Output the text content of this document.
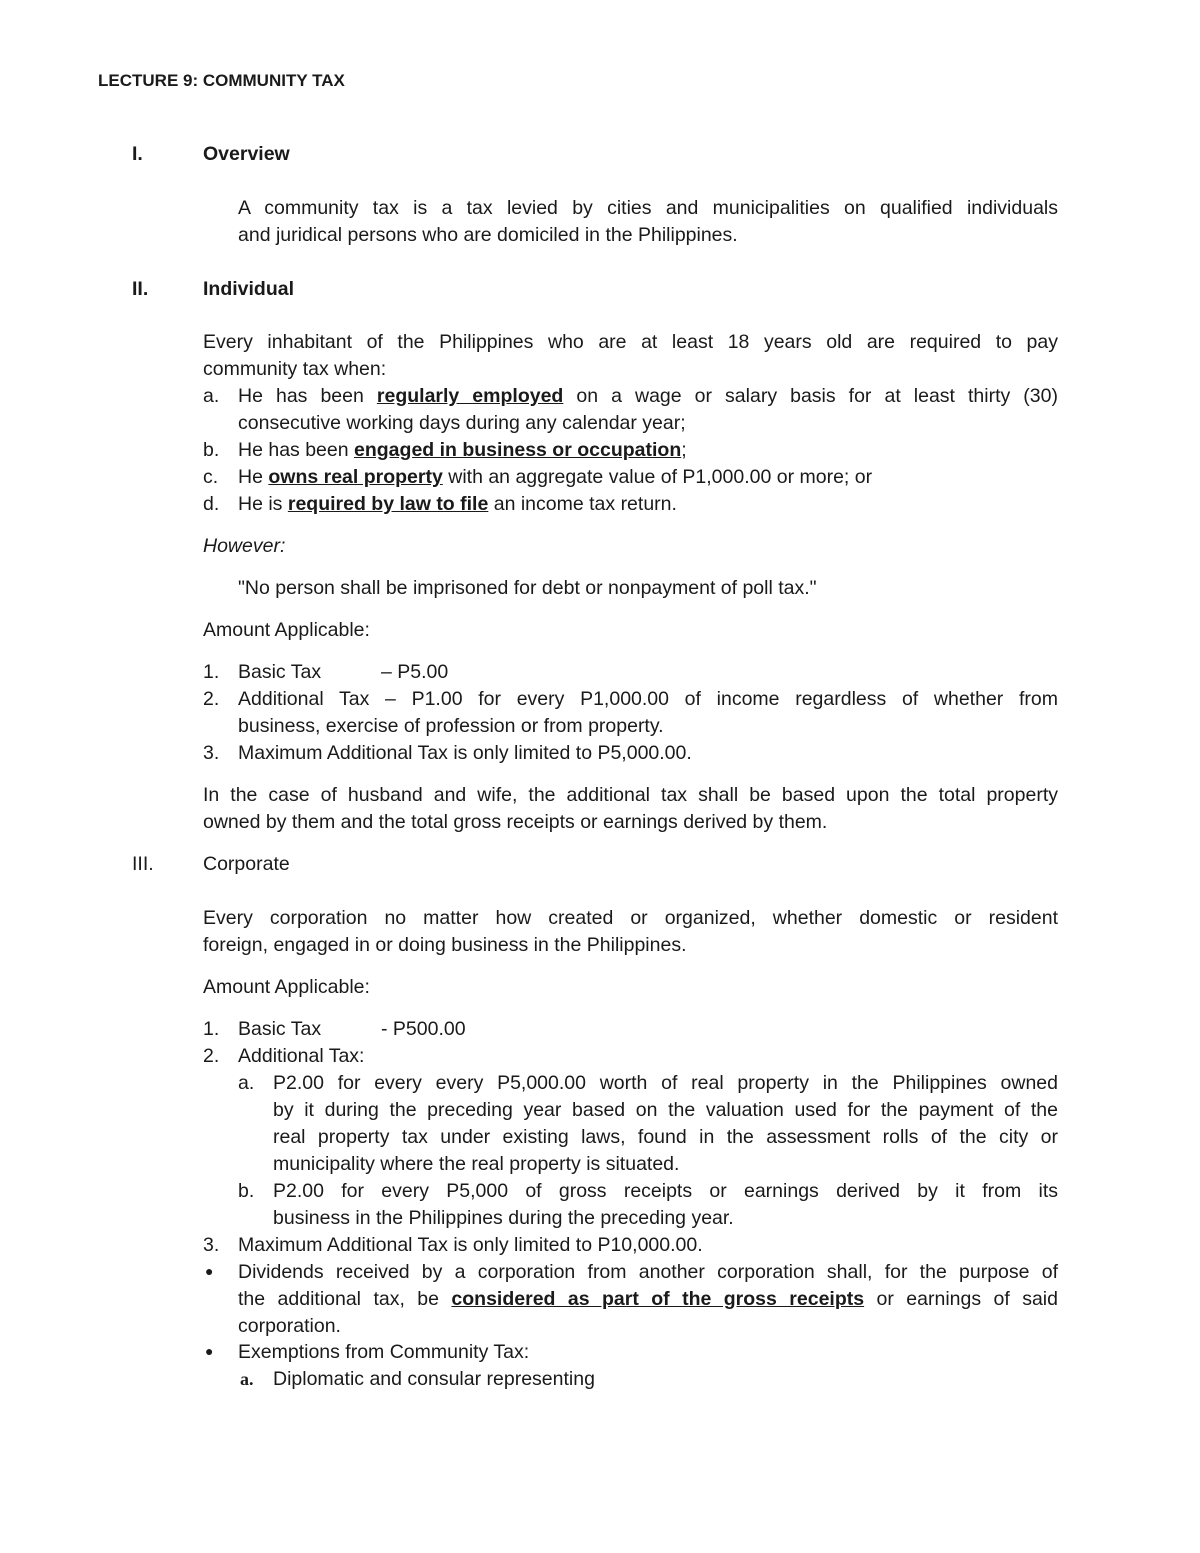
LECTURE 9: COMMUNITY TAX
I.	Overview
A community tax is a tax levied by cities and municipalities on qualified individuals
and juridical persons who are domiciled in the Philippines.
II.	Individual
Every inhabitant of the Philippines who are at least 18 years old are required to pay
community tax when:
a. He has been regularly employed on a wage or salary basis for at least thirty (30)
consecutive working days during any calendar year;
b. He has been engaged in business or occupation;
c. He owns real property with an aggregate value of P1,000.00 or more; or
d. He is required by law to file an income tax return.
However:
"No person shall be imprisoned for debt or nonpayment of poll tax."
Amount Applicable:
1. Basic Tax	– P5.00
2. Additional Tax – P1.00 for every P1,000.00 of income regardless of whether from
business, exercise of profession or from property.
3. Maximum Additional Tax is only limited to P5,000.00.
In the case of husband and wife, the additional tax shall be based upon the total property
owned by them and the total gross receipts or earnings derived by them.
III.	Corporate
Every corporation no matter how created or organized, whether domestic or resident
foreign, engaged in or doing business in the Philippines.
Amount Applicable:
1. Basic Tax	- P500.00
2. Additional Tax:
a. P2.00 for every every P5,000.00 worth of real property in the Philippines owned
by it during the preceding year based on the valuation used for the payment of the
real property tax under existing laws, found in the assessment rolls of the city or
municipality where the real property is situated.
b. P2.00 for every P5,000 of gross receipts or earnings derived by it from its
business in the Philippines during the preceding year.
3. Maximum Additional Tax is only limited to P10,000.00.
● Dividends received by a corporation from another corporation shall, for the purpose of
the additional tax, be considered as part of the gross receipts or earnings of said
corporation.
● Exemptions from Community Tax:
a. Diplomatic and consular representing
